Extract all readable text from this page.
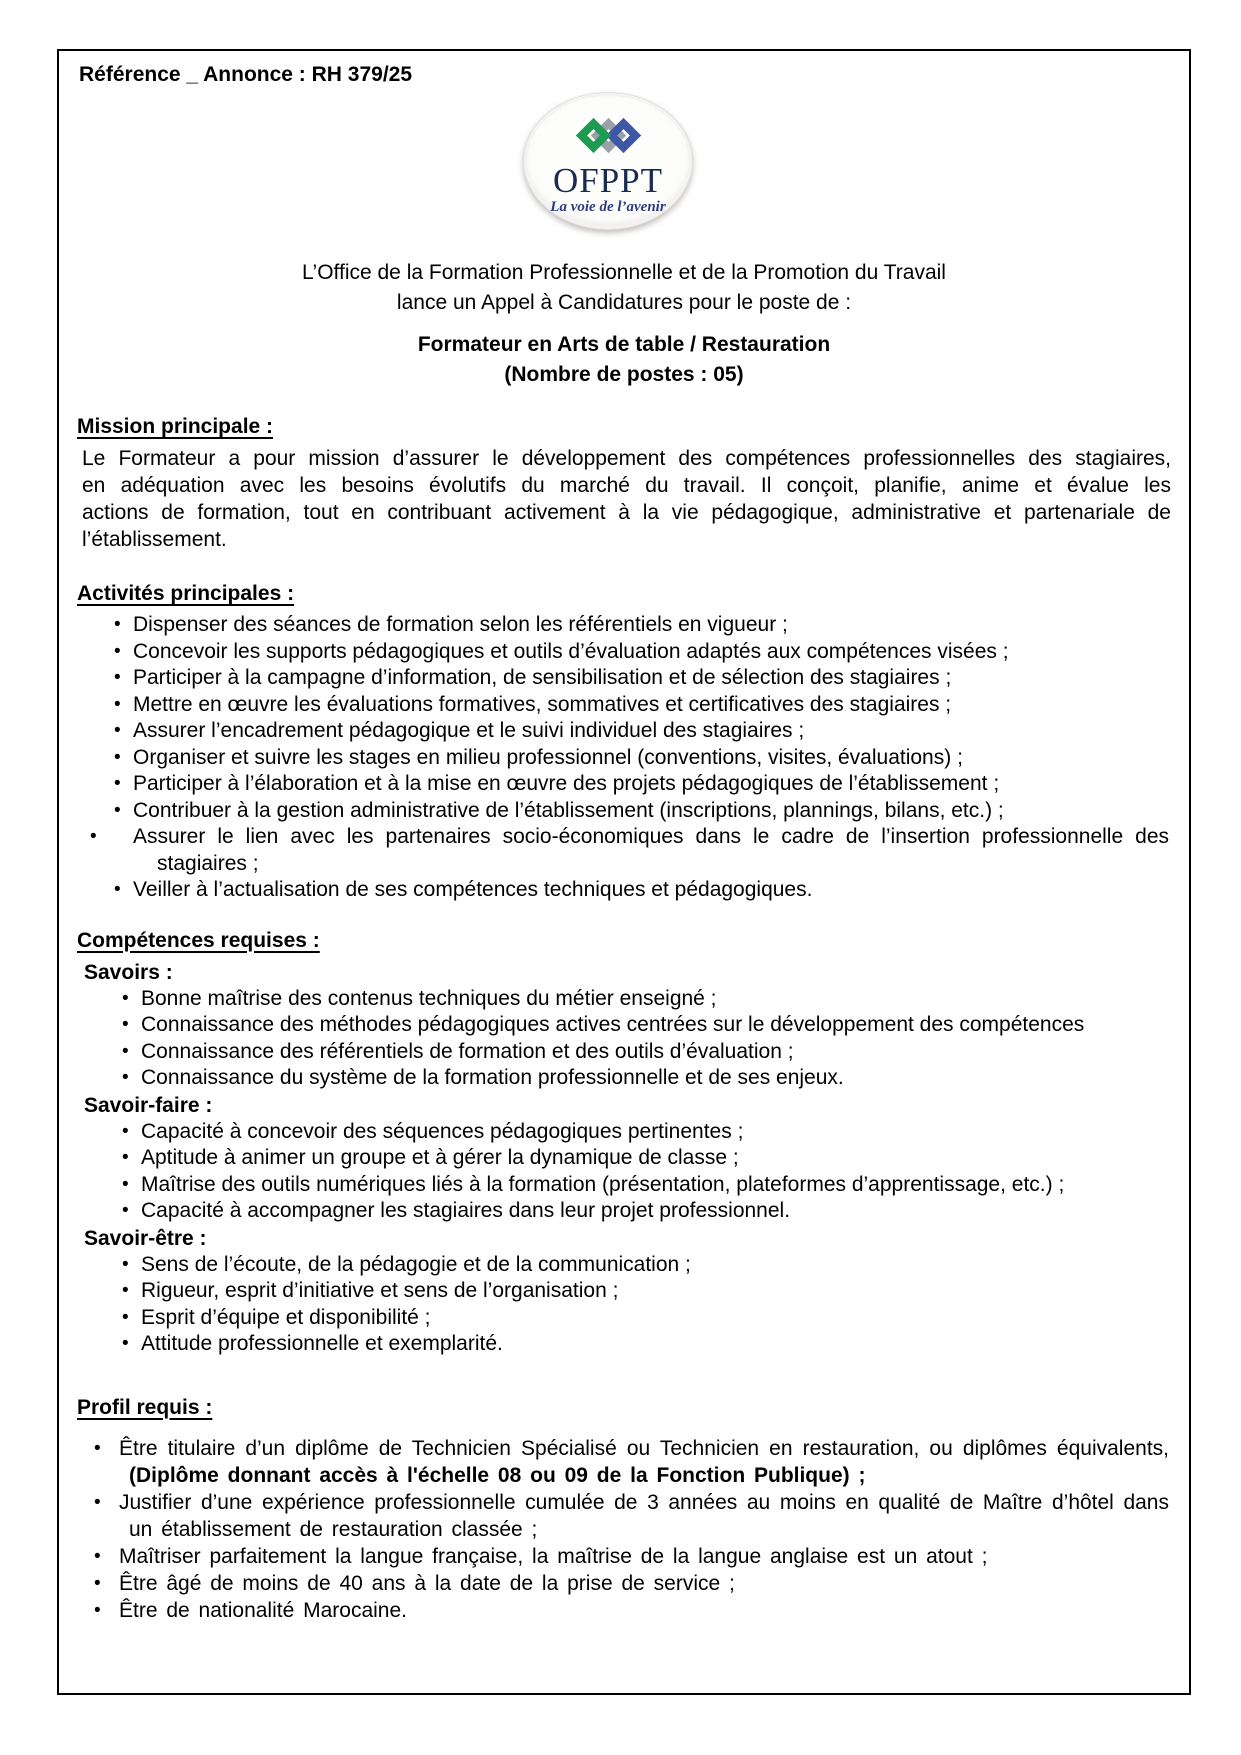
Référence _ Annonce : RH 379/25
OFPPT
La voie de l’avenir
L’Office de la Formation Professionnelle et de la Promotion du Travail
lance un Appel à Candidatures pour le poste de :
Formateur en Arts de table / Restauration
(Nombre de postes : 05)
Mission principale :

Le Formateur a pour mission d’assurer le développement des compétences professionnelles des stagiaires, en adéquation avec les besoins évolutifs du marché du travail. Il conçoit, planifie, anime et évalue les actions de formation, tout en contribuant activement à la vie pédagogique, administrative et partenariale de l’établissement.

Activités principales :
• Dispenser des séances de formation selon les référentiels en vigueur ;
• Concevoir les supports pédagogiques et outils d’évaluation adaptés aux compétences visées ;
• Participer à la campagne d’information, de sensibilisation et de sélection des stagiaires ;
• Mettre en œuvre les évaluations formatives, sommatives et certificatives des stagiaires ;
• Assurer l’encadrement pédagogique et le suivi individuel des stagiaires ;
• Organiser et suivre les stages en milieu professionnel (conventions, visites, évaluations) ;
• Participer à l’élaboration et à la mise en œuvre des projets pédagogiques de l’établissement ;
• Contribuer à la gestion administrative de l’établissement (inscriptions, plannings, bilans, etc.) ;
• Assurer le lien avec les partenaires socio-économiques dans le cadre de l’insertion professionnelle des stagiaires ;
• Veiller à l’actualisation de ses compétences techniques et pédagogiques.
Compétences requises :
Savoirs :
• Bonne maîtrise des contenus techniques du métier enseigné ;
• Connaissance des méthodes pédagogiques actives centrées sur le développement des compétences
• Connaissance des référentiels de formation et des outils d’évaluation ;
• Connaissance du système de la formation professionnelle et de ses enjeux.
Savoir-faire :
• Capacité à concevoir des séquences pédagogiques pertinentes ;
• Aptitude à animer un groupe et à gérer la dynamique de classe ;
• Maîtrise des outils numériques liés à la formation (présentation, plateformes d’apprentissage, etc.) ;
• Capacité à accompagner les stagiaires dans leur projet professionnel.
Savoir-être :
• Sens de l’écoute, de la pédagogie et de la communication ;
• Rigueur, esprit d’initiative et sens de l’organisation ;
• Esprit d’équipe et disponibilité ;
• Attitude professionnelle et exemplarité.
Profil requis :
• Être titulaire d’un diplôme de Technicien Spécialisé ou Technicien en restauration, ou diplômes équivalents, (Diplôme donnant accès à l'échelle 08 ou 09 de la Fonction Publique) ;
• Justifier d’une expérience professionnelle cumulée de 3 années au moins en qualité de Maître d’hôtel dans un établissement de restauration classée ;
• Maîtriser parfaitement la langue française, la maîtrise de la langue anglaise est un atout ;
• Être âgé de moins de 40 ans à la date de la prise de service ;
• Être de nationalité Marocaine.
